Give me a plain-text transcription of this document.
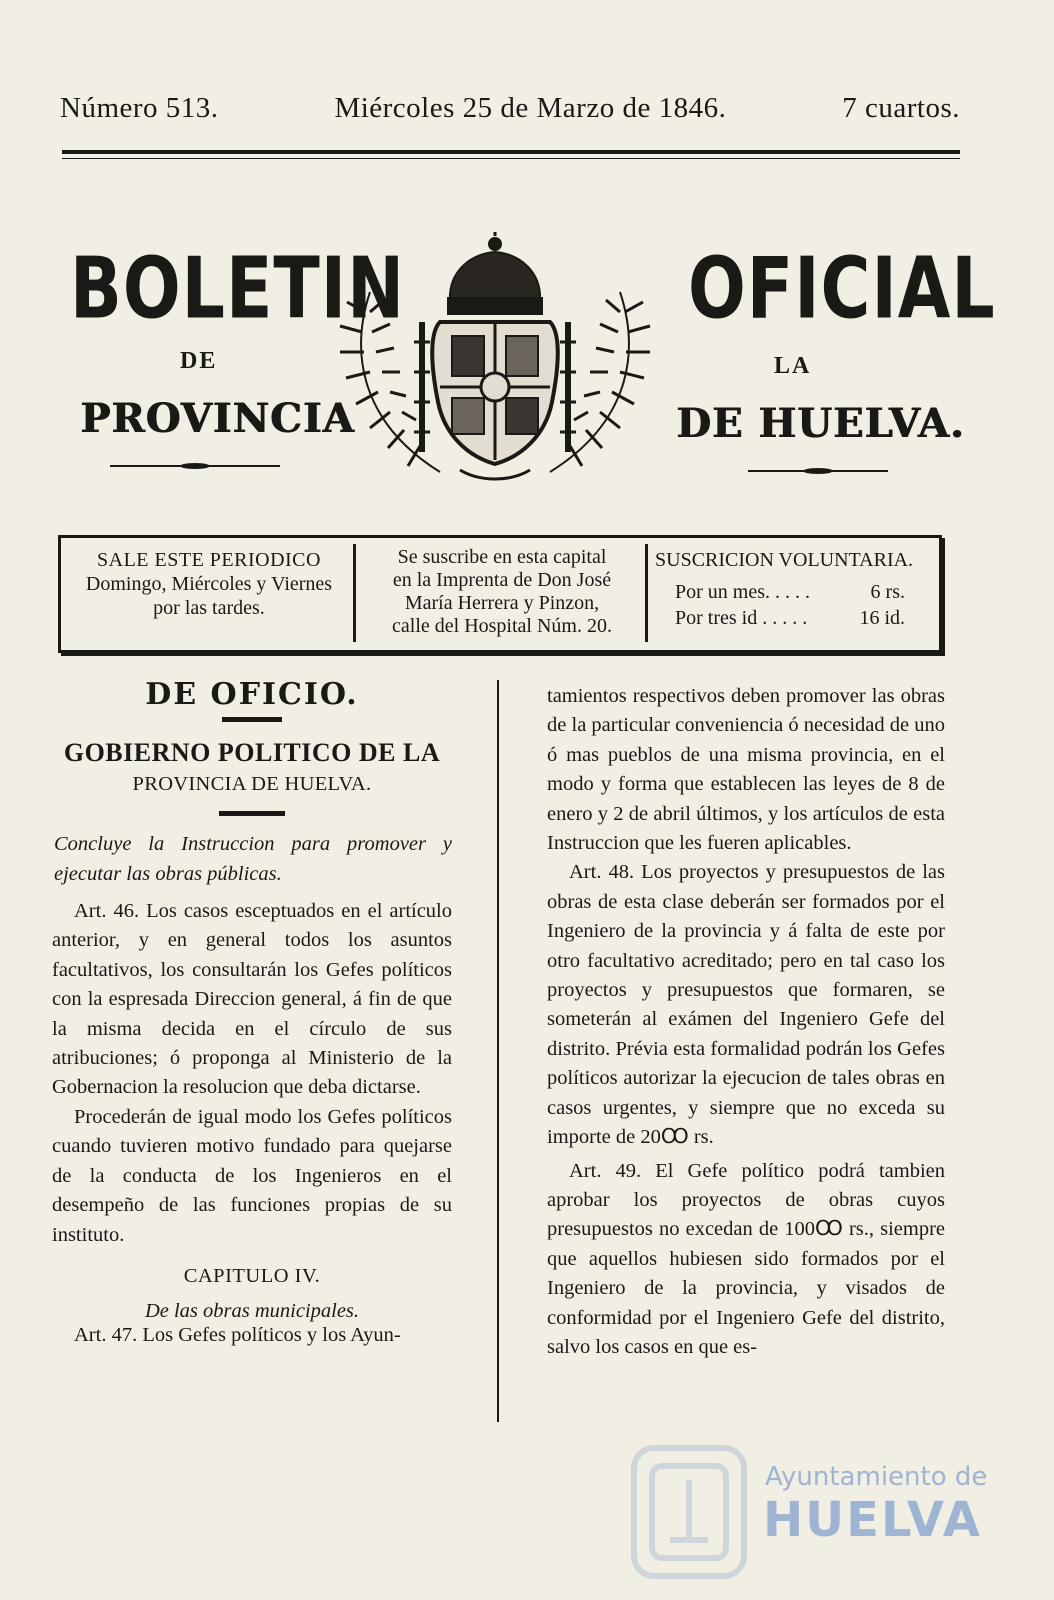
Número 513.	Miércoles 25 de Marzo de 1846.	7 cuartos.
BOLETIN	OFICIAL
DE	LA
PROVINCIA	DE HUELVA.
SALE ESTE PERIODICO
Domingo, Miércoles y Viernes
por las tardes.
Se suscribe en esta capital
en la Imprenta de Don José
María Herrera y Pinzon,
calle del Hospital Núm. 20.
SUSCRICION VOLUNTARIA.
Por un mes. . . . .	6 rs.
Por tres id . . . . .	16 id.

DE OFICIO.

GOBIERNO POLITICO DE LA

PROVINCIA DE HUELVA.

Concluye la Instruccion para promover y ejecutar las obras públicas.

Art. 46. Los casos esceptuados en el artículo anterior, y en general todos los asuntos facultativos, los consultarán los Gefes políticos con la espresada Direccion general, á fin de que la misma decida en el círculo de sus atribuciones; ó proponga al Ministerio de la Gobernacion la resolucion que deba dictarse.

Procederán de igual modo los Gefes políticos cuando tuvieren motivo fundado para quejarse de la conducta de los Ingenieros en el desempeño de las funciones propias de su instituto.

CAPITULO IV.

De las obras municipales.

Art. 47. Los Gefes políticos y los Ayun-

tamientos respectivos deben promover las obras de la particular conveniencia ó necesidad de uno ó mas pueblos de una misma provincia, en el modo y forma que establecen las leyes de 8 de enero y 2 de abril últimos, y los artículos de esta Instruccion que les fueren aplicables.

Art. 48. Los proyectos y presupuestos de las obras de esta clase deberán ser formados por el Ingeniero de la provincia y á falta de este por otro facultativo acreditado; pero en tal caso los proyectos y presupuestos que formaren, se someterán al exámen del Ingeniero Gefe del distrito. Prévia esta formalidad podrán los Gefes políticos autorizar la ejecucion de tales obras en casos urgentes, y siempre que no exceda su importe de 20Ꝏ rs.

Art. 49. El Gefe político podrá tambien aprobar los proyectos de obras cuyos presupuestos no excedan de 100Ꝏ rs., siempre que aquellos hubiesen sido formados por el Ingeniero de la provincia, y visados de conformidad por el Ingeniero Gefe del distrito, salvo los casos en que es-

Ayuntamiento de
HUELVA
